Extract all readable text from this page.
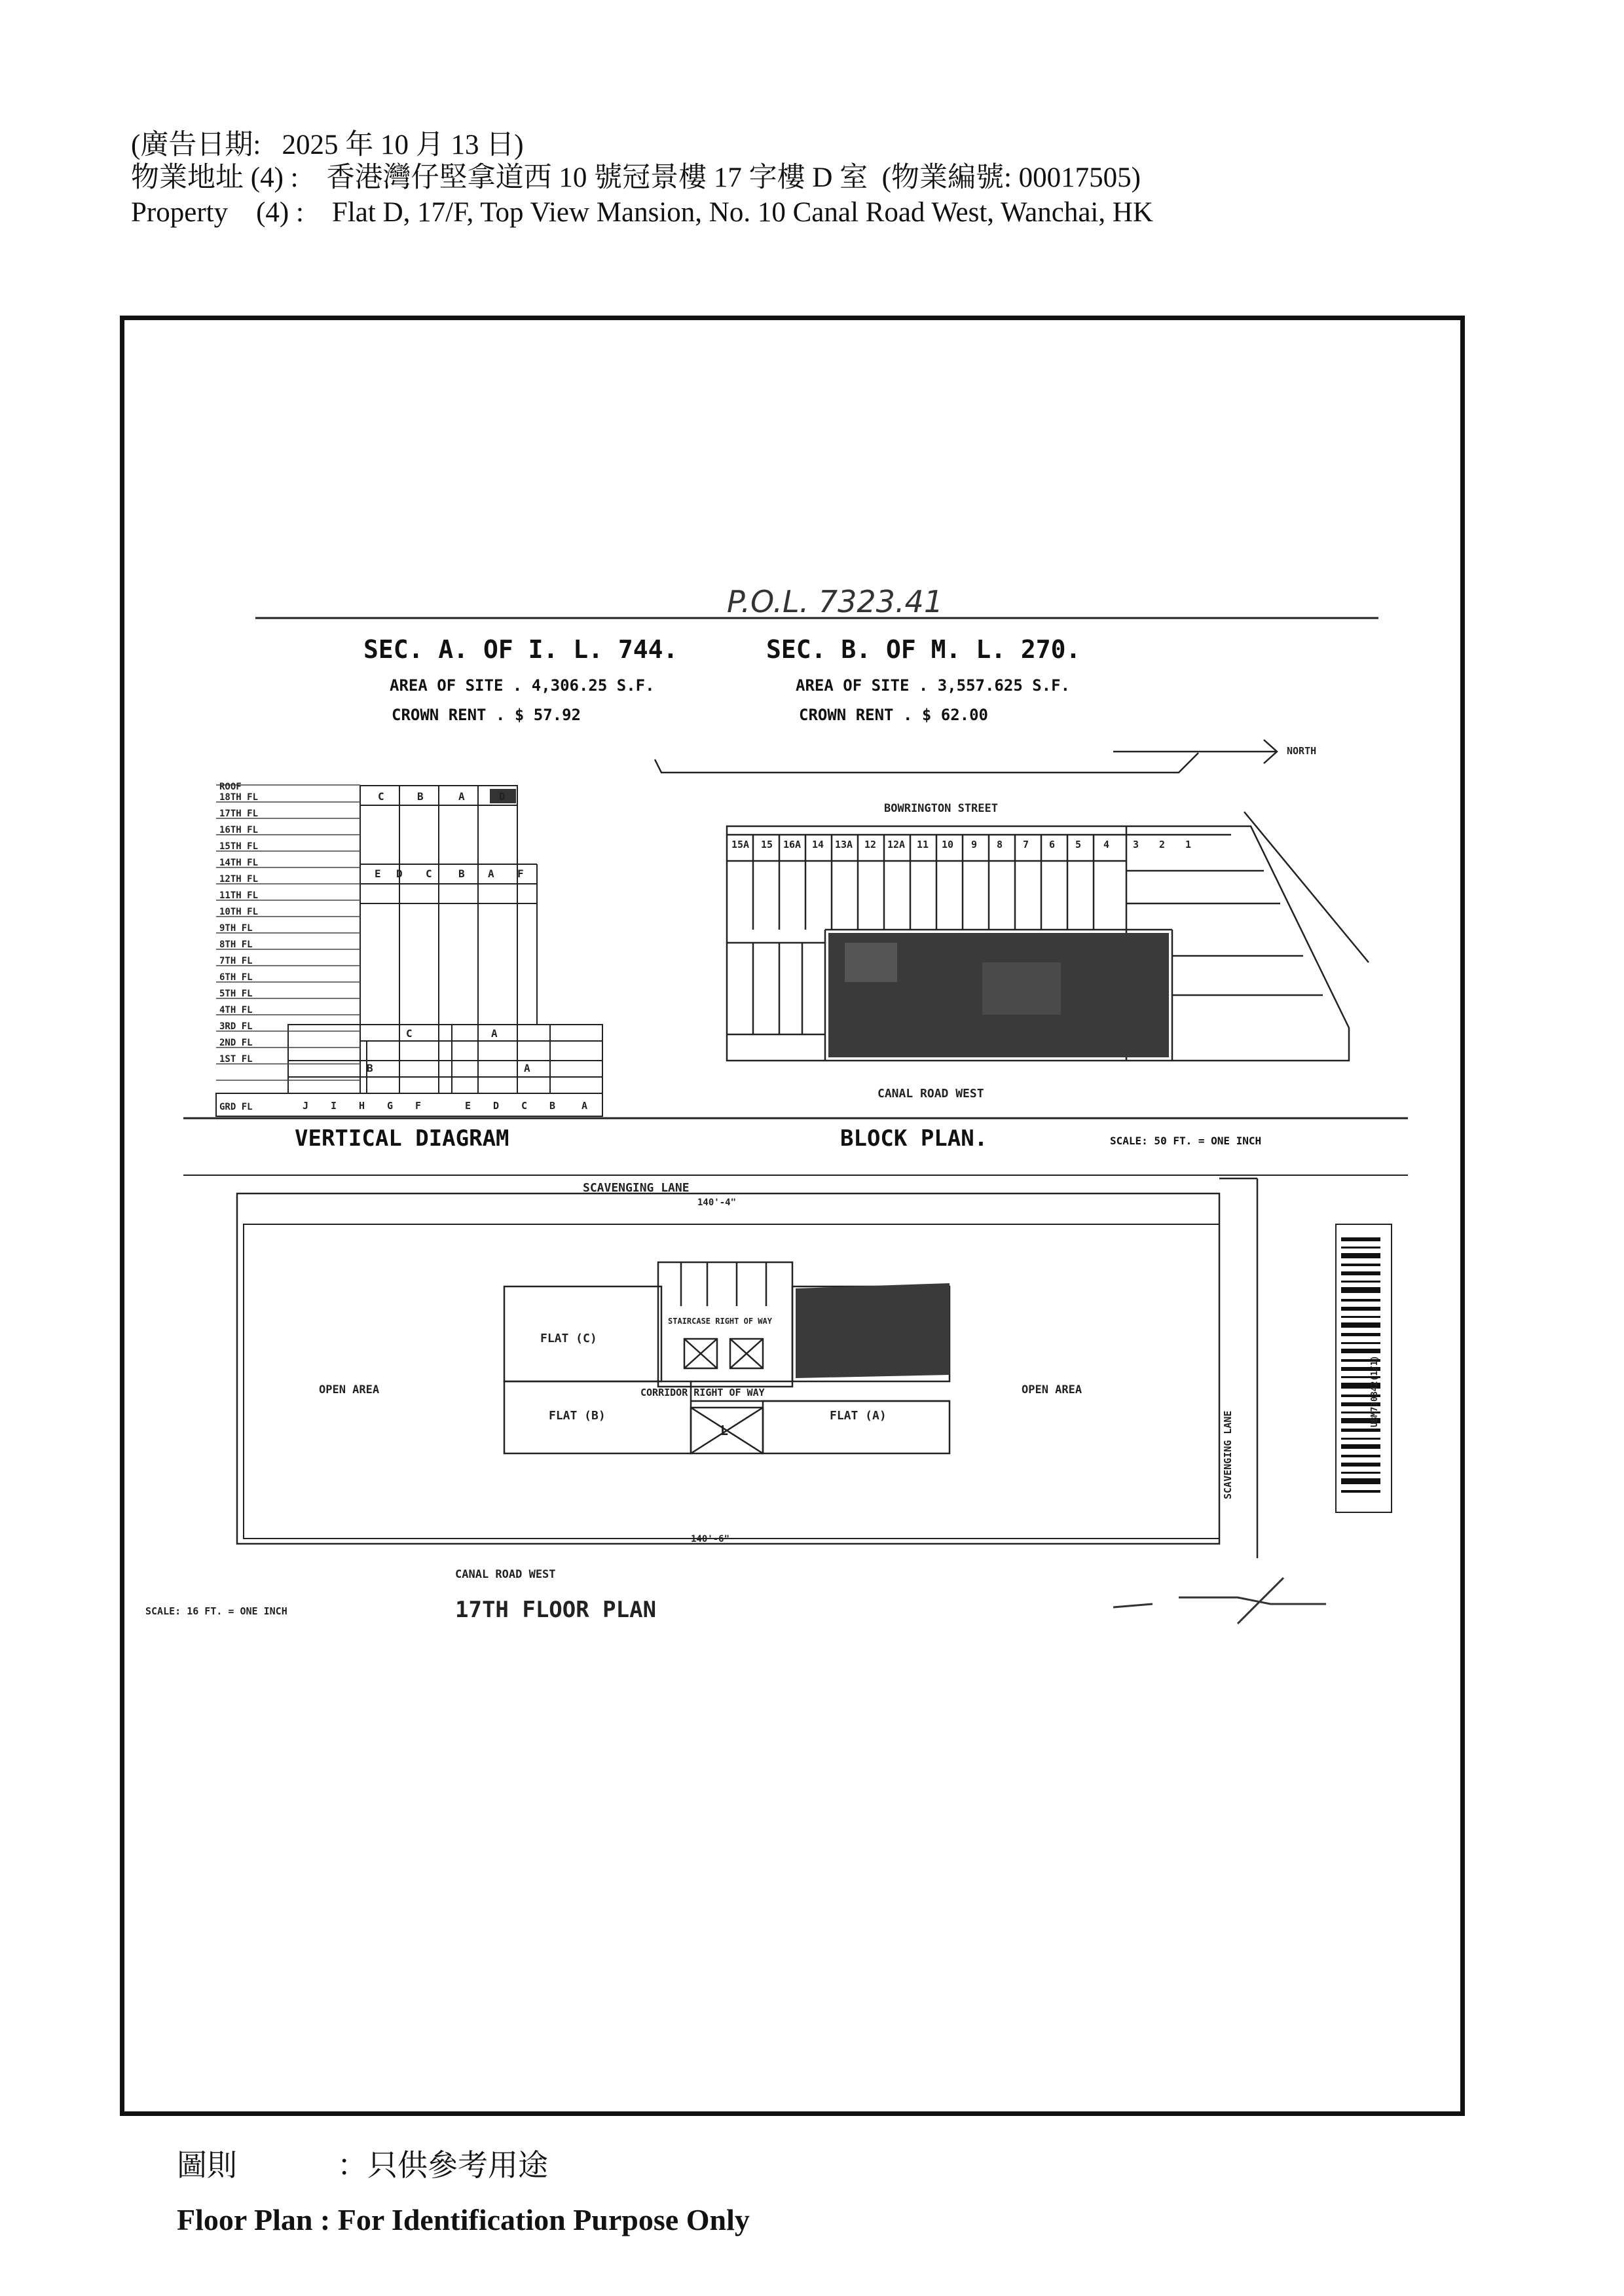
(廣告日期:   2025 年 10 月 13 日)
物業地址 (4) :    香港灣仔堅拿道西 10 號冠景樓 17 字樓 D 室  (物業編號: 00017505)
Property    (4) :    Flat D, 17/F, Top View Mansion, No. 10 Canal Road West, Wanchai, HK
P.O.L. 7323.41
SEC. A. OF I. L. 744.
AREA OF SITE . 4,306.25 S.F.
CROWN RENT . $ 57.92
SEC. B. OF M. L. 270.
AREA OF SITE . 3,557.625 S.F.
CROWN RENT . $ 62.00
ROOF
18TH FL
17TH FL
16TH FL
15TH FL
14TH FL
12TH FL
11TH FL
10TH FL
9TH FL
8TH FL
7TH FL
6TH FL
5TH FL
4TH FL
3RD FL
2ND FL
1ST FL
GRD FL
C	B	A	D
E D C	B A F
C	A
B	A
J I H G F	E D C B	A
VERTICAL DIAGRAM
NORTH
BOWRINGTON STREET
15A 15 16A 14 13A 12 12A 11 10 9 8 7 6 5 4 3 2 1
CANAL ROAD WEST
BLOCK PLAN.	SCALE: 50 FT. = ONE INCH
SCAVENGING LANE
140'-4"
140'-6"
FLAT (C)
FLAT (B)	FLAT (A)
STAIRCASE RIGHT OF WAY
CORRIDOR RIGHT OF WAY
L
OPEN AREA	OPEN AREA
CANAL ROAD WEST
17TH FLOOR PLAN
SCALE: 16 FT. = ONE INCH
SCAVENGING LANE
UBM730342(1/1)
圖則	：只供參考用途
Floor Plan : For Identification Purpose Only
